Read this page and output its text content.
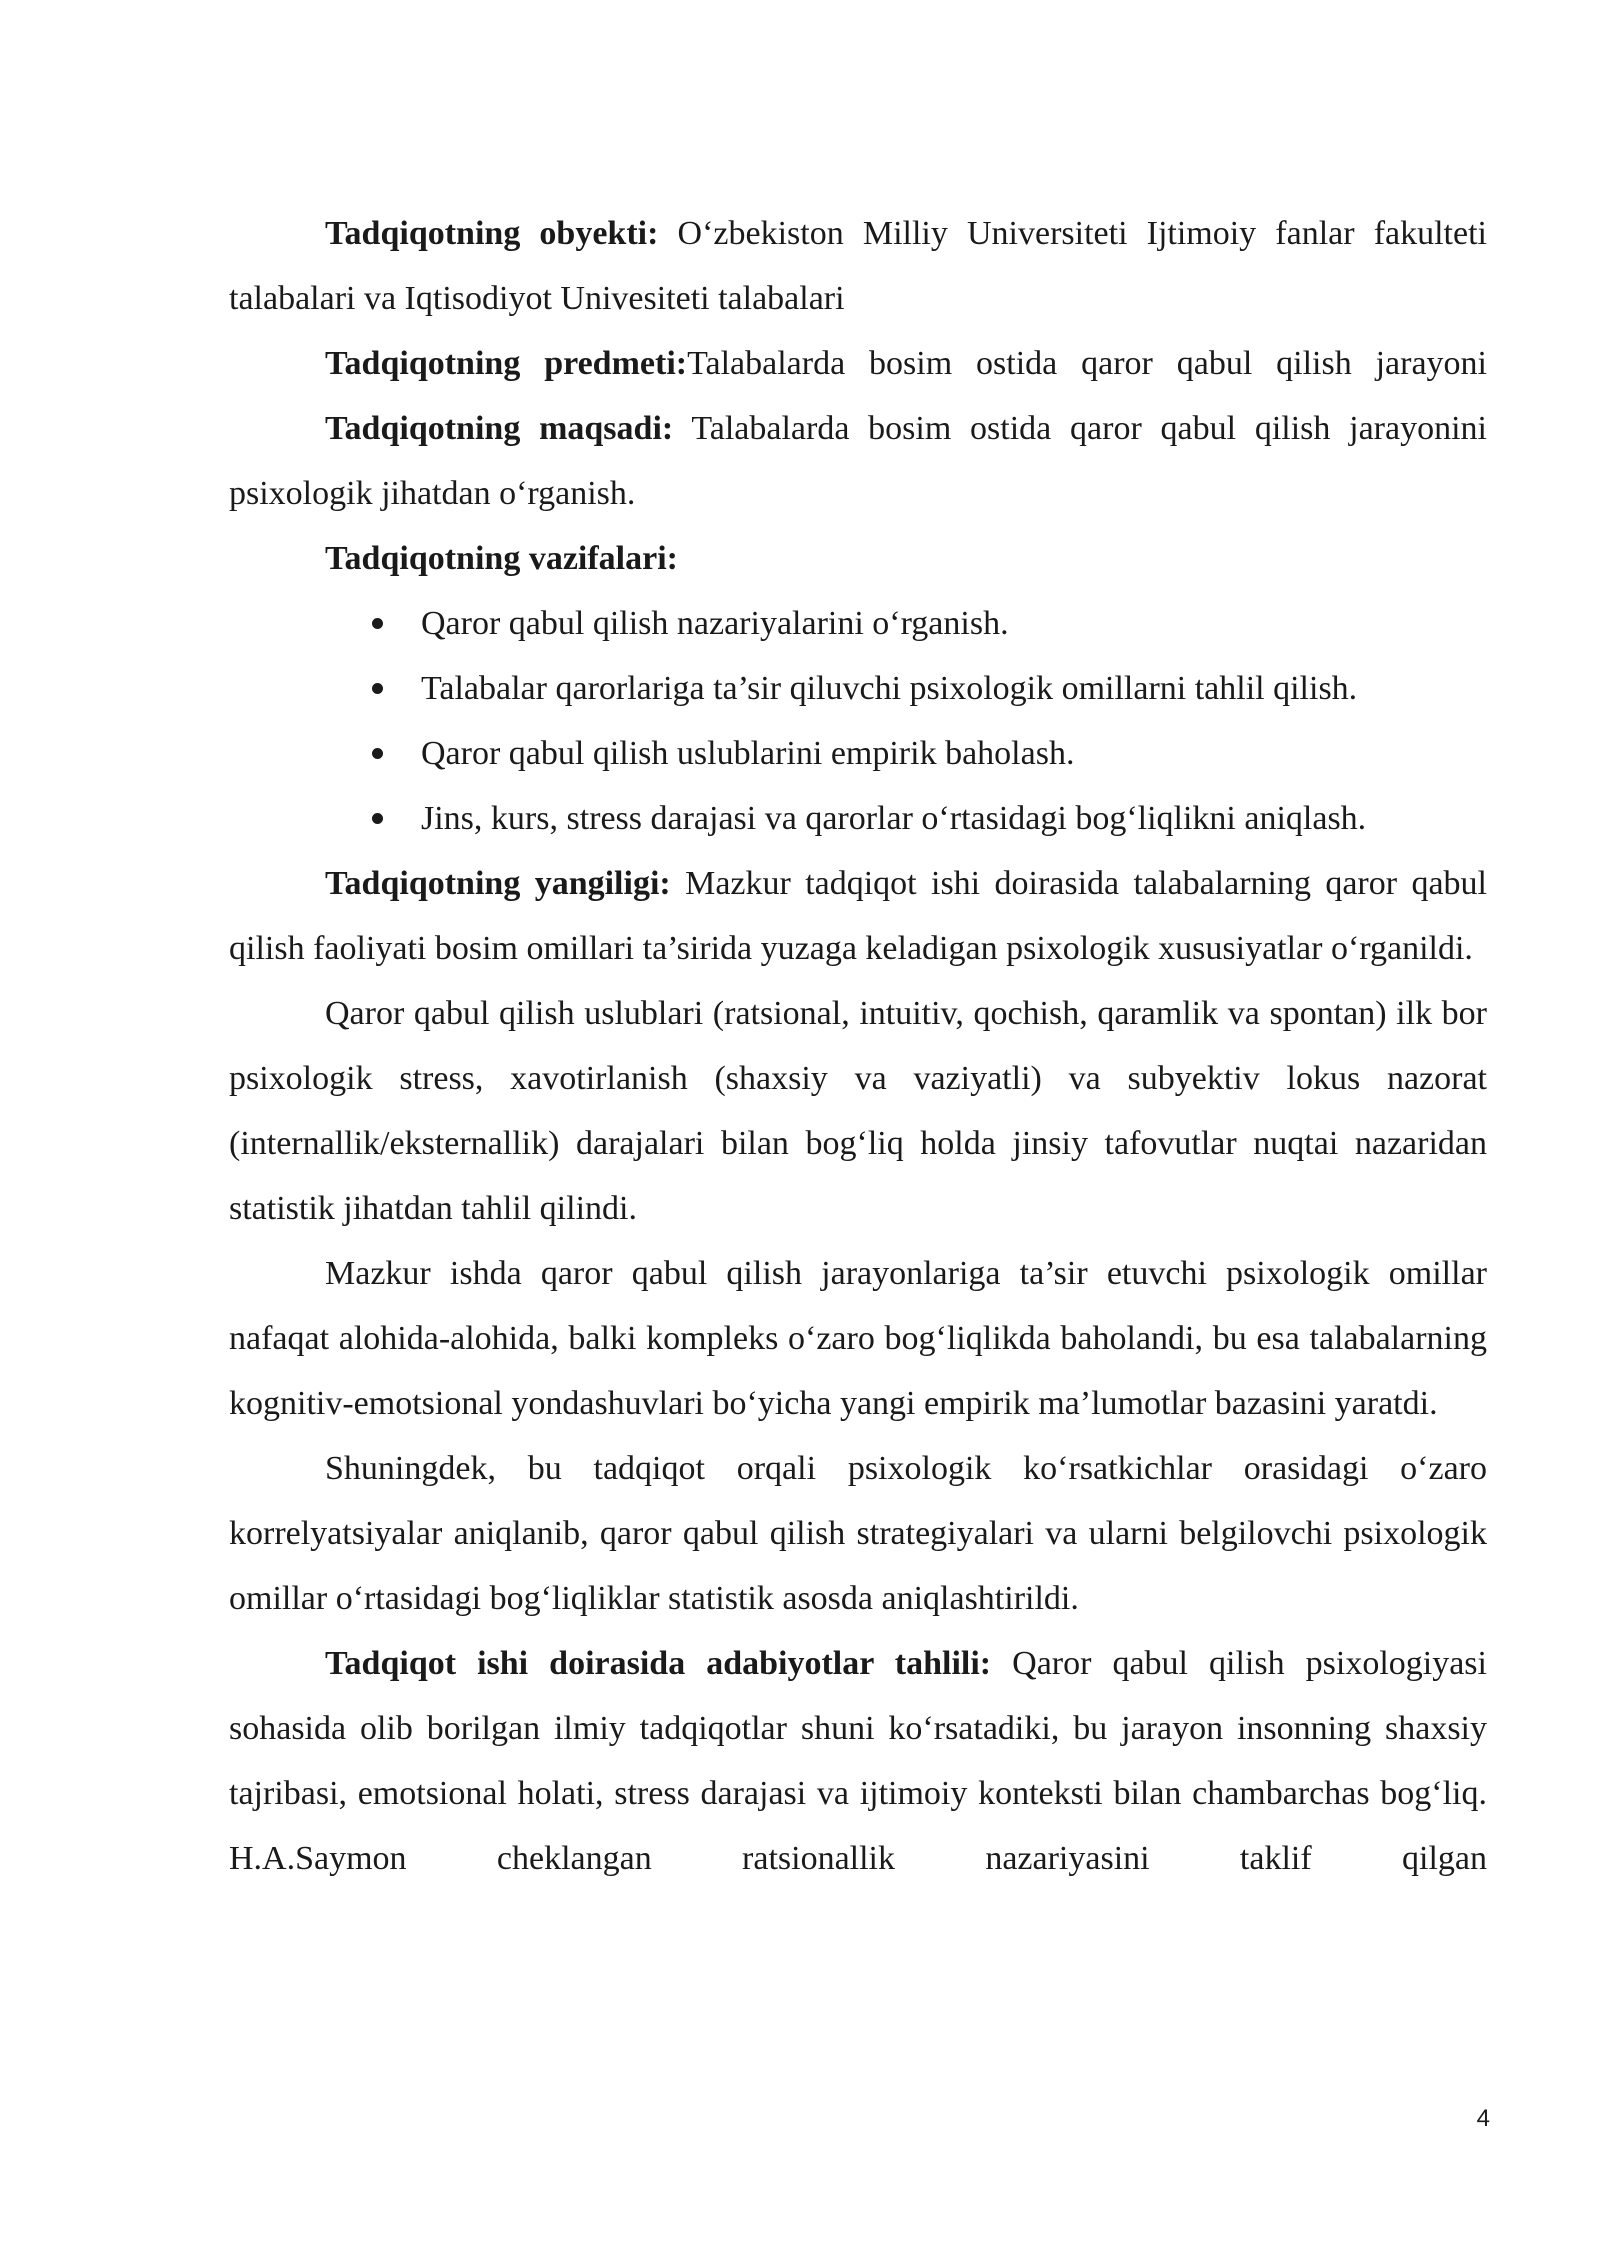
Tadqiqotning obyekti: O‘zbekiston Milliy Universiteti Ijtimoiy fanlar fakulteti talabalari va Iqtisodiyot Univesiteti talabalari

Tadqiqotning predmeti:Talabalarda bosim ostida qaror qabul qilish jarayoni

Tadqiqotning maqsadi: Talabalarda bosim ostida qaror qabul qilish jarayonini psixologik jihatdan o‘rganish.

Tadqiqotning vazifalari:

Qaror qabul qilish nazariyalarini o‘rganish.
Talabalar qarorlariga ta’sir qiluvchi psixologik omillarni tahlil qilish.
Qaror qabul qilish uslublarini empirik baholash.
Jins, kurs, stress darajasi va qarorlar o‘rtasidagi bog‘liqlikni aniqlash.

Tadqiqotning yangiligi: Mazkur tadqiqot ishi doirasida talabalarning qaror qabul qilish faoliyati bosim omillari ta’sirida yuzaga keladigan psixologik xususiyatlar o‘rganildi.

Qaror qabul qilish uslublari (ratsional, intuitiv, qochish, qaramlik va spontan) ilk bor psixologik stress, xavotirlanish (shaxsiy va vaziyatli) va subyektiv lokus nazorat (internallik/eksternallik) darajalari bilan bog‘liq holda jinsiy tafovutlar nuqtai nazaridan statistik jihatdan tahlil qilindi.

Mazkur ishda qaror qabul qilish jarayonlariga ta’sir etuvchi psixologik omillar nafaqat alohida-alohida, balki kompleks o‘zaro bog‘liqlikda baholandi, bu esa talabalarning kognitiv-emotsional yondashuvlari bo‘yicha yangi empirik ma’lumotlar bazasini yaratdi.

Shuningdek, bu tadqiqot orqali psixologik ko‘rsatkichlar orasidagi o‘zaro korrelyatsiyalar aniqlanib, qaror qabul qilish strategiyalari va ularni belgilovchi psixologik omillar o‘rtasidagi bog‘liqliklar statistik asosda aniqlashtirildi.

Tadqiqot ishi doirasida adabiyotlar tahlili: Qaror qabul qilish psixologiyasi sohasida olib borilgan ilmiy tadqiqotlar shuni ko‘rsatadiki, bu jarayon insonning shaxsiy tajribasi, emotsional holati, stress darajasi va ijtimoiy konteksti bilan chambarchas bog‘liq. H.A.Saymon cheklangan ratsionallik nazariyasini taklif qilgan

4
